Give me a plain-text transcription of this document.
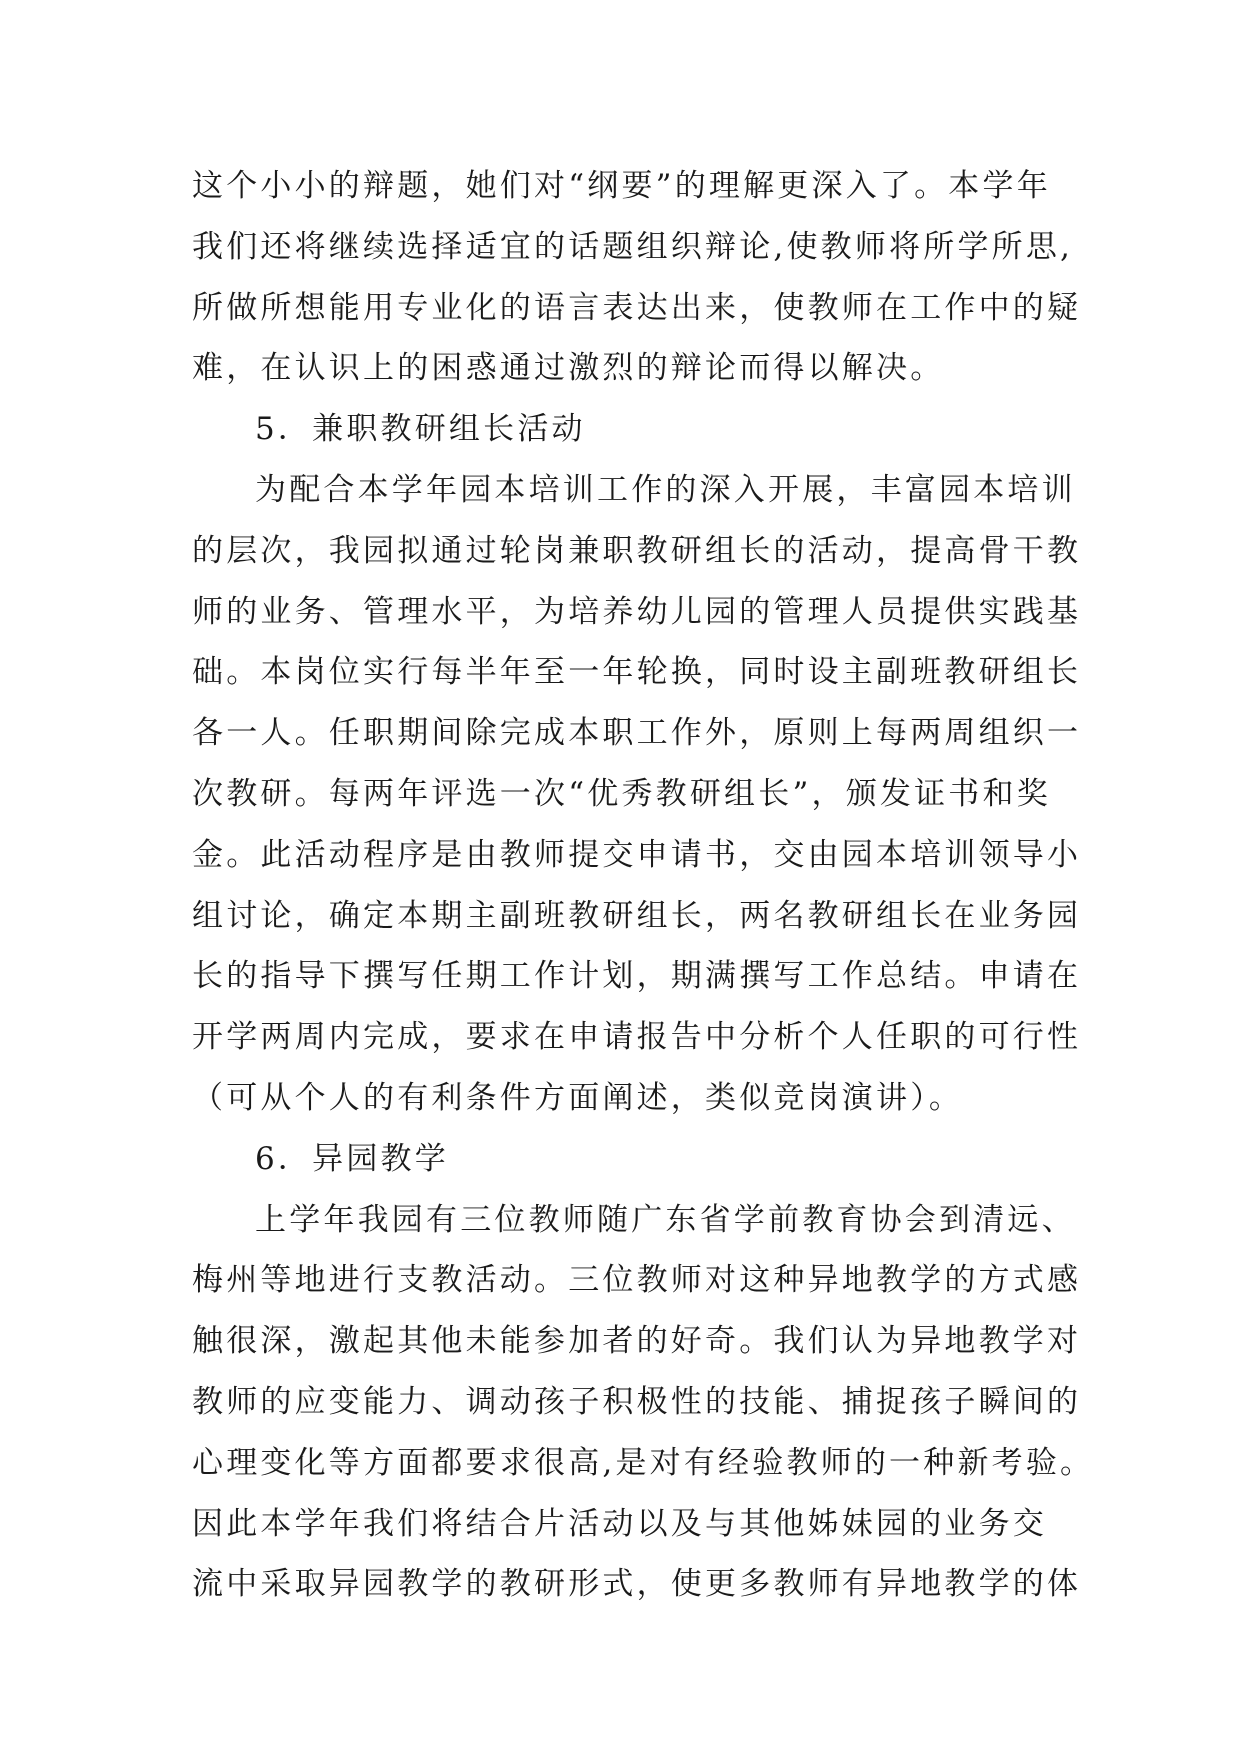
这个小小的辩题，她们对“纲要”的理解更深入了。本学年
我们还将继续选择适宜的话题组织辩论,使教师将所学所思,
所做所想能用专业化的语言表达出来，使教师在工作中的疑
难，在认识上的困惑通过激烈的辩论而得以解决。
5．兼职教研组长活动
为配合本学年园本培训工作的深入开展，丰富园本培训
的层次，我园拟通过轮岗兼职教研组长的活动，提高骨干教
师的业务、管理水平，为培养幼儿园的管理人员提供实践基
础。本岗位实行每半年至一年轮换，同时设主副班教研组长
各一人。任职期间除完成本职工作外，原则上每两周组织一
次教研。每两年评选一次“优秀教研组长”，颁发证书和奖
金。此活动程序是由教师提交申请书，交由园本培训领导小
组讨论，确定本期主副班教研组长，两名教研组长在业务园
长的指导下撰写任期工作计划，期满撰写工作总结。申请在
开学两周内完成，要求在申请报告中分析个人任职的可行性
（可从个人的有利条件方面阐述，类似竞岗演讲）。
6．异园教学
上学年我园有三位教师随广东省学前教育协会到清远、
梅州等地进行支教活动。三位教师对这种异地教学的方式感
触很深，激起其他未能参加者的好奇。我们认为异地教学对
教师的应变能力、调动孩子积极性的技能、捕捉孩子瞬间的
心理变化等方面都要求很高,是对有经验教师的一种新考验。
因此本学年我们将结合片活动以及与其他姊妹园的业务交
流中采取异园教学的教研形式，使更多教师有异地教学的体
